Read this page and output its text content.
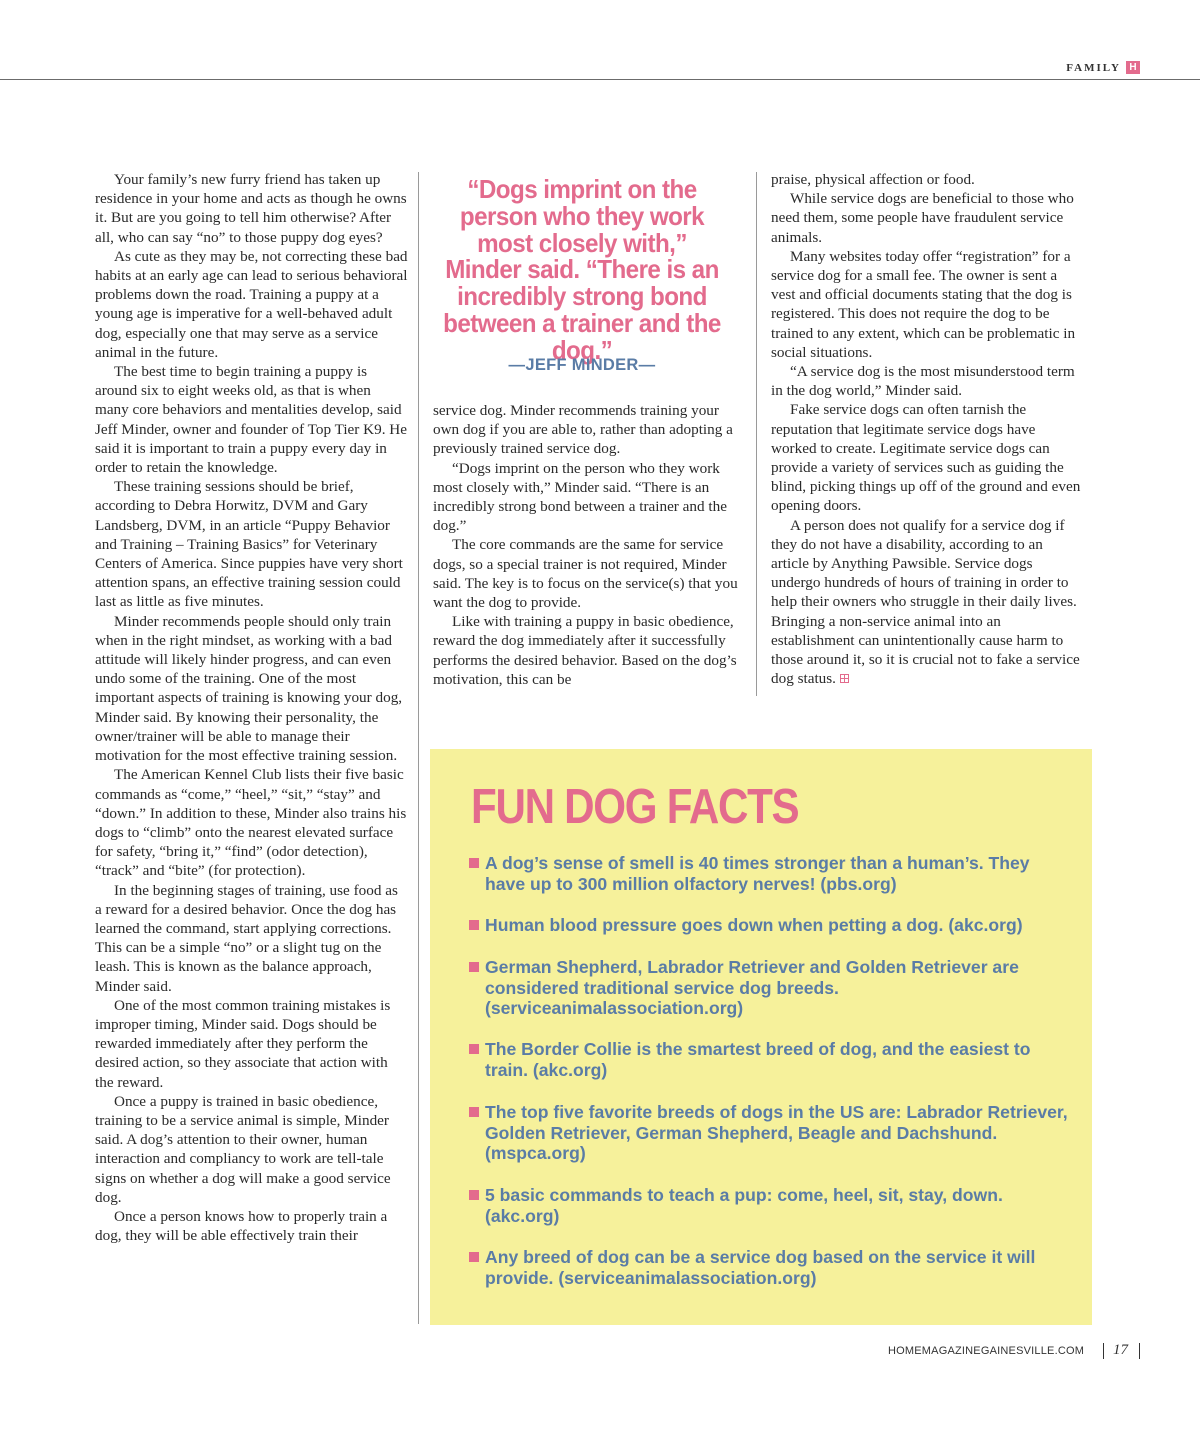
FAMILY H

Your family’s new furry friend has taken up residence in your home and acts as though he owns it. But are you going to tell him otherwise? After all, who can say “no” to those puppy dog eyes?

As cute as they may be, not correcting these bad habits at an early age can lead to serious behavioral problems down the road. Training a puppy at a young age is imperative for a well-behaved adult dog, especially one that may serve as a service animal in the future.

The best time to begin training a puppy is around six to eight weeks old, as that is when many core behaviors and mentalities develop, said Jeff Minder, owner and founder of Top Tier K9. He said it is important to train a puppy every day in order to retain the knowledge.

These training sessions should be brief, according to Debra Horwitz, DVM and Gary Landsberg, DVM, in an article “Puppy Behavior and Training – Training Basics” for Veterinary Centers of America. Since puppies have very short attention spans, an effective training session could last as little as five minutes.

Minder recommends people should only train when in the right mindset, as working with a bad attitude will likely hinder progress, and can even undo some of the training. One of the most important aspects of training is knowing your dog, Minder said. By knowing their personality, the owner/trainer will be able to manage their motivation for the most effective training session.

The American Kennel Club lists their five basic commands as “come,” “heel,” “sit,” “stay” and “down.” In addition to these, Minder also trains his dogs to “climb” onto the nearest elevated surface for safety, “bring it,” “find” (odor detection), “track” and “bite” (for protection).

In the beginning stages of training, use food as a reward for a desired behavior. Once the dog has learned the command, start applying corrections. This can be a simple “no” or a slight tug on the leash. This is known as the balance approach, Minder said.

One of the most common training mistakes is improper timing, Minder said. Dogs should be rewarded immediately after they perform the desired action, so they associate that action with the reward.

Once a puppy is trained in basic obedience, training to be a service animal is simple, Minder said. A dog’s attention to their owner, human interaction and compliancy to work are tell-tale signs on whether a dog will make a good service dog.

Once a person knows how to properly train a dog, they will be able effectively train their

“Dogs imprint on the person who they work most closely with,” Minder said. “There is an incredibly strong bond between a trainer and the dog.”
—JEFF MINDER—

service dog. Minder recommends training your own dog if you are able to, rather than adopting a previously trained service dog.

“Dogs imprint on the person who they work most closely with,” Minder said. “There is an incredibly strong bond between a trainer and the dog.”

The core commands are the same for service dogs, so a special trainer is not required, Minder said. The key is to focus on the service(s) that you want the dog to provide.

Like with training a puppy in basic obedience, reward the dog immediately after it successfully performs the desired behavior. Based on the dog’s motivation, this can be

praise, physical affection or food.

While service dogs are beneficial to those who need them, some people have fraudulent service animals.

Many websites today offer “registration” for a service dog for a small fee. The owner is sent a vest and official documents stating that the dog is registered. This does not require the dog to be trained to any extent, which can be problematic in social situations.

“A service dog is the most misunderstood term in the dog world,” Minder said.

Fake service dogs can often tarnish the reputation that legitimate service dogs have worked to create. Legitimate service dogs can provide a variety of services such as guiding the blind, picking things up off of the ground and even opening doors.

A person does not qualify for a service dog if they do not have a disability, according to an article by Anything Pawsible. Service dogs undergo hundreds of hours of training in order to help their owners who struggle in their daily lives. Bringing a non-service animal into an establishment can unintentionally cause harm to those around it, so it is crucial not to fake a service dog status.

FUN DOG FACTS
A dog’s sense of smell is 40 times stronger than a human’s. They have up to 300 million olfactory nerves! (pbs.org)
Human blood pressure goes down when petting a dog. (akc.org)
German Shepherd, Labrador Retriever and Golden Retriever are considered traditional service dog breeds. (serviceanimalassociation.org)
The Border Collie is the smartest breed of dog, and the easiest to train. (akc.org)
The top five favorite breeds of dogs in the US are: Labrador Retriever, Golden Retriever, German Shepherd, Beagle and Dachshund. (mspca.org)
5 basic commands to teach a pup: come, heel, sit, stay, down. (akc.org)
Any breed of dog can be a service dog based on the service it will provide. (serviceanimalassociation.org)
HOMEMAGAZINEGAINESVILLE.COM 17
